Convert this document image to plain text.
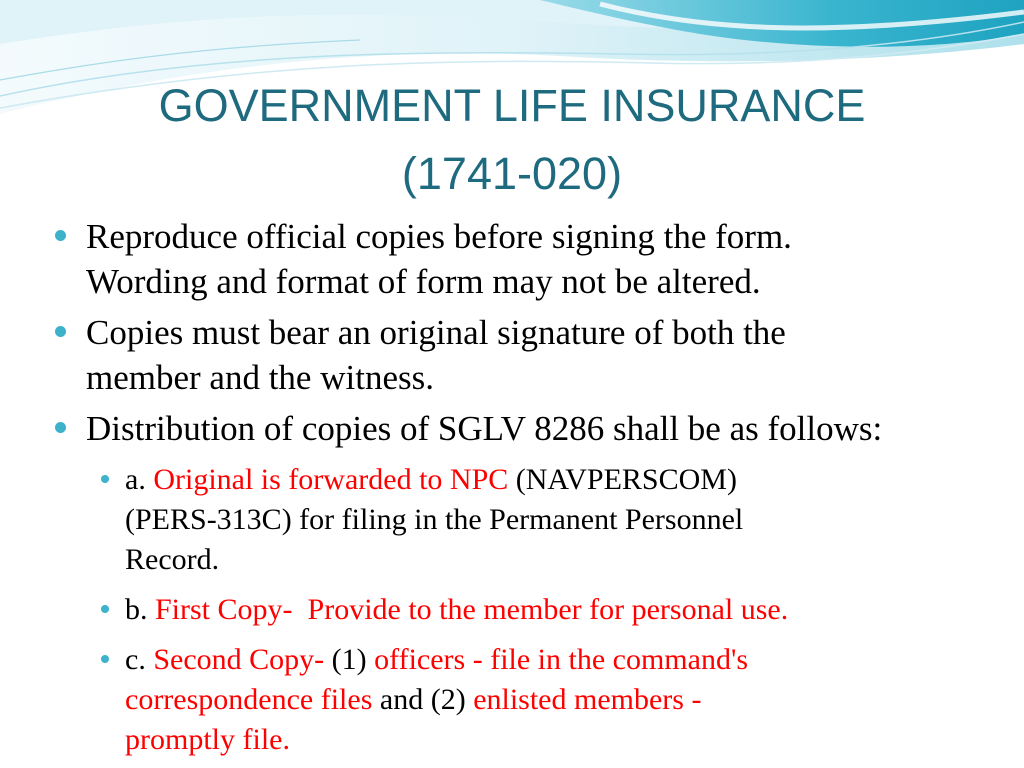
GOVERNMENT LIFE INSURANCE
(1741-020)
Reproduce official copies before signing the form.
Wording and format of form may not be altered.
Copies must bear an original signature of both the
member and the witness.
Distribution of copies of SGLV 8286 shall be as follows:
a. Original is forwarded to NPC (NAVPERSCOM)
(PERS-313C) for filing in the Permanent Personnel
Record.
b. First Copy-  Provide to the member for personal use.
c. Second Copy- (1) officers - file in the command's
correspondence files and (2) enlisted members -
promptly file.
